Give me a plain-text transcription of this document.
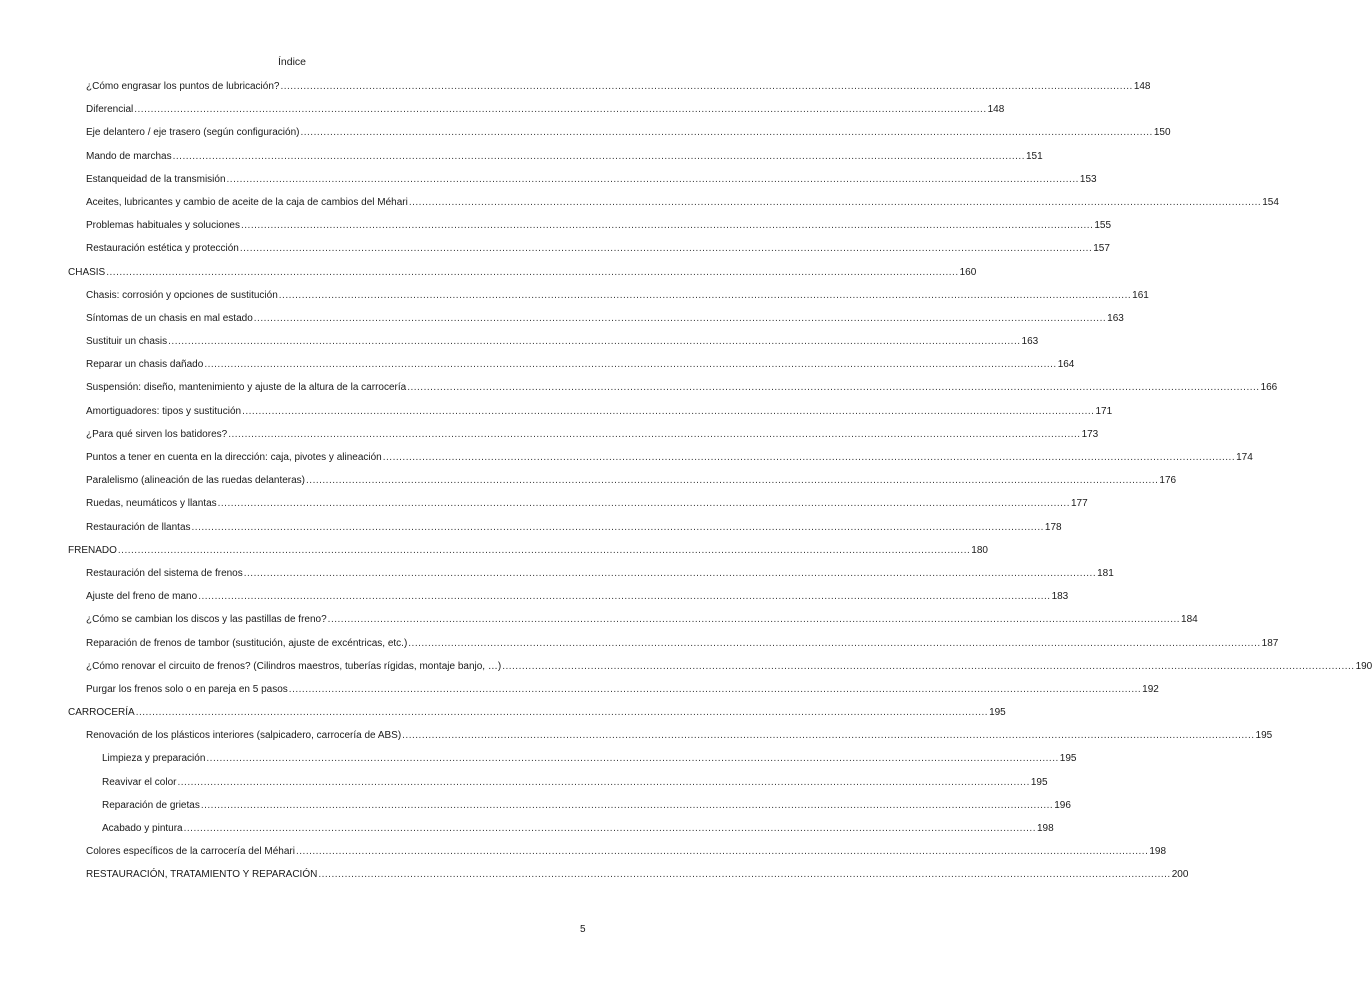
Índice
¿Cómo engrasar los puntos de lubricación? .................................................................................................................................................................................................................................................................... 148
Diferencial .................................................................................................................................................................................................................................................................... 148
Eje delantero / eje trasero (según configuración) .................................................................................................................................................................................................................................................................... 150
Mando de marchas .................................................................................................................................................................................................................................................................... 151
Estanqueidad de la transmisión .................................................................................................................................................................................................................................................................... 153
Aceites, lubricantes y cambio de aceite de la caja de cambios del Méhari .................................................................................................................................................................................................................................................................... 154
Problemas habituales y soluciones .................................................................................................................................................................................................................................................................... 155
Restauración estética y protección .................................................................................................................................................................................................................................................................... 157
CHASIS .................................................................................................................................................................................................................................................................... 160
Chasis: corrosión y opciones de sustitución .................................................................................................................................................................................................................................................................... 161
Síntomas de un chasis en mal estado .................................................................................................................................................................................................................................................................... 163
Sustituir un chasis .................................................................................................................................................................................................................................................................... 163
Reparar un chasis dañado .................................................................................................................................................................................................................................................................... 164
Suspensión: diseño, mantenimiento y ajuste de la altura de la carrocería .................................................................................................................................................................................................................................................................... 166
Amortiguadores: tipos y sustitución .................................................................................................................................................................................................................................................................... 171
¿Para qué sirven los batidores? .................................................................................................................................................................................................................................................................... 173
Puntos a tener en cuenta en la dirección: caja, pivotes y alineación .................................................................................................................................................................................................................................................................... 174
Paralelismo (alineación de las ruedas delanteras) .................................................................................................................................................................................................................................................................... 176
Ruedas, neumáticos y llantas .................................................................................................................................................................................................................................................................... 177
Restauración de llantas .................................................................................................................................................................................................................................................................... 178
FRENADO .................................................................................................................................................................................................................................................................... 180
Restauración del sistema de frenos .................................................................................................................................................................................................................................................................... 181
Ajuste del freno de mano .................................................................................................................................................................................................................................................................... 183
¿Cómo se cambian los discos y las pastillas de freno? .................................................................................................................................................................................................................................................................... 184
Reparación de frenos de tambor (sustitución, ajuste de excéntricas, etc.) .................................................................................................................................................................................................................................................................... 187
¿Cómo renovar el circuito de frenos? (Cilindros maestros, tuberías rígidas, montaje banjo, …) .................................................................................................................................................................................................................................................................... 190
Purgar los frenos solo o en pareja en 5 pasos .................................................................................................................................................................................................................................................................... 192
CARROCERÍA .................................................................................................................................................................................................................................................................... 195
Renovación de los plásticos interiores (salpicadero, carrocería de ABS) .................................................................................................................................................................................................................................................................... 195
Limpieza y preparación .................................................................................................................................................................................................................................................................... 195
Reavivar el color .................................................................................................................................................................................................................................................................... 195
Reparación de grietas .................................................................................................................................................................................................................................................................... 196
Acabado y pintura .................................................................................................................................................................................................................................................................... 198
Colores específicos de la carrocería del Méhari .................................................................................................................................................................................................................................................................... 198
RESTAURACIÓN, TRATAMIENTO Y REPARACIÓN .................................................................................................................................................................................................................................................................... 200
5
